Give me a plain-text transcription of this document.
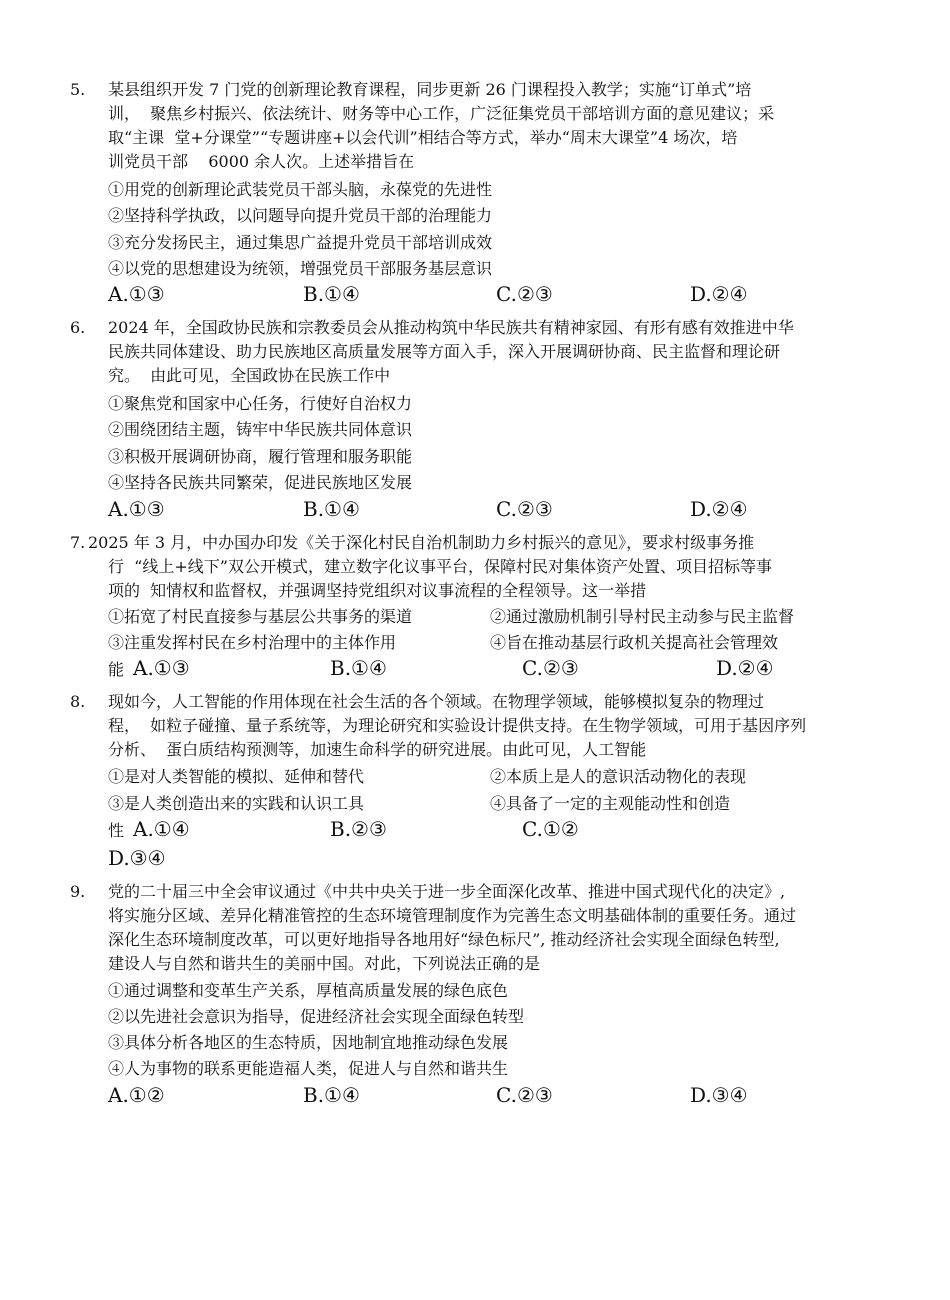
5. 某县组织开发 7 门党的创新理论教育课程，同步更新 26 门课程投入教学；实施“订单式”培
训，  聚焦乡村振兴、依法统计、财务等中心工作，广泛征集党员干部培训方面的意见建议；采
取“主课  堂+分课堂”“专题讲座+以会代训”相结合等方式，举办“周末大课堂”4 场次，培
训党员干部    6000 余人次。上述举措旨在
①用党的创新理论武装党员干部头脑，永葆党的先进性
②坚持科学执政，以问题导向提升党员干部的治理能力
③充分发扬民主，通过集思广益提升党员干部培训成效
④以党的思想建设为统领，增强党员干部服务基层意识
A.①③	B.①④	C.②③	D.②④
6. 2024 年，全国政协民族和宗教委员会从推动构筑中华民族共有精神家园、有形有感有效推进中华
民族共同体建设、助力民族地区高质量发展等方面入手，深入开展调研协商、民主监督和理论研
究。  由此可见，全国政协在民族工作中
①聚焦党和国家中心任务，行使好自治权力
②围绕团结主题，铸牢中华民族共同体意识
③积极开展调研协商，履行管理和服务职能
④坚持各民族共同繁荣，促进民族地区发展
A.①③	B.①④	C.②③	D.②④
7. 2025 年 3 月，中办国办印发《关于深化村民自治机制助力乡村振兴的意见》，要求村级事务推
行  “线上+线下”双公开模式，建立数字化议事平台，保障村民对集体资产处置、项目招标等事
项的  知情权和监督权，并强调坚持党组织对议事流程的全程领导。这一举措
①拓宽了村民直接参与基层公共事务的渠道	②通过激励机制引导村民主动参与民主监督
③注重发挥村民在乡村治理中的主体作用	④旨在推动基层行政机关提高社会管理效
能 A.①③	B.①④	C.②③	D.②④
8. 现如今，人工智能的作用体现在社会生活的各个领域。在物理学领域，能够模拟复杂的物理过
程，  如粒子碰撞、量子系统等，为理论研究和实验设计提供支持。在生物学领域，可用于基因序列
分析、  蛋白质结构预测等，加速生命科学的研究进展。由此可见，人工智能
①是对人类智能的模拟、延伸和替代	②本质上是人的意识活动物化的表现
③是人类创造出来的实践和认识工具	④具备了一定的主观能动性和创造
性 A.①④	B.②③	C.①②
D.③④
9. 党的二十届三中全会审议通过《中共中央关于进一步全面深化改革、推进中国式现代化的决定》,
将实施分区域、差异化精准管控的生态环境管理制度作为完善生态文明基础体制的重要任务。通过
深化生态环境制度改革，可以更好地指导各地用好“绿色标尺”, 推动经济社会实现全面绿色转型,
建设人与自然和谐共生的美丽中国。对此，下列说法正确的是
①通过调整和变革生产关系，厚植高质量发展的绿色底色
②以先进社会意识为指导，促进经济社会实现全面绿色转型
③具体分析各地区的生态特质，因地制宜地推动绿色发展
④人为事物的联系更能造福人类，促进人与自然和谐共生
A.①②	B.①④	C.②③	D.③④
